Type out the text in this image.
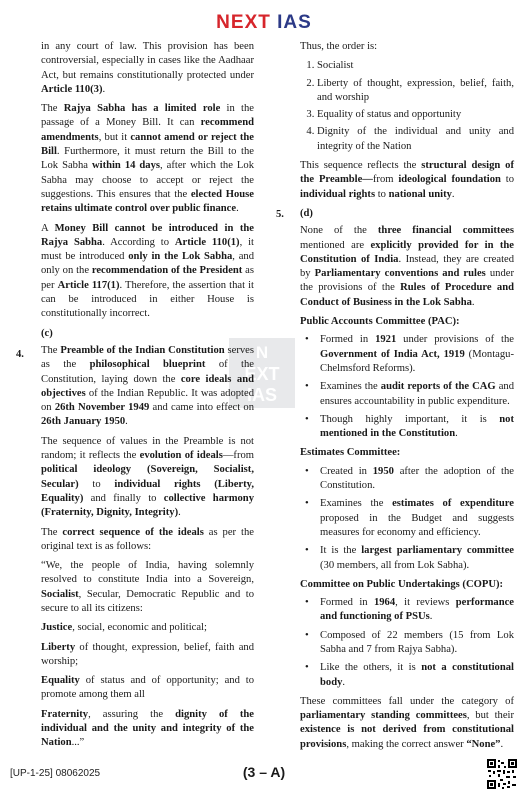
NEXT IAS
N
EXT
IAS

in any court of law. This provision has been controversial, especially in cases like the Aadhaar Act, but remains constitutionally protected under Article 110(3).

The Rajya Sabha has a limited role in the passage of a Money Bill. It can recommend amendments, but it cannot amend or reject the Bill. Furthermore, it must return the Bill to the Lok Sabha within 14 days, after which the Lok Sabha may choose to accept or reject the suggestions. This ensures that the elected House retains ultimate control over public finance.

A Money Bill cannot be introduced in the Rajya Sabha. According to Article 110(1), it must be introduced only in the Lok Sabha, and only on the recommendation of the President as per Article 117(1). Therefore, the assertion that it can be introduced in either House is constitutionally incorrect.

(c)

The Preamble of the Indian Constitution serves as the philosophical blueprint of the Constitution, laying down the core ideals and objectives of the Indian Republic. It was adopted on 26th November 1949 and came into effect on 26th January 1950.

The sequence of values in the Preamble is not random; it reflects the evolution of ideals—from political ideology (Sovereign, Socialist, Secular) to individual rights (Liberty, Equality) and finally to collective harmony (Fraternity, Dignity, Integrity).

The correct sequence of the ideals as per the original text is as follows:

“We, the people of India, having solemnly resolved to constitute India into a Sovereign, Socialist, Secular, Democratic Republic and to secure to all its citizens:

Justice, social, economic and political;

Liberty of thought, expression, belief, faith and worship;

Equality of status and of opportunity; and to promote among them all

Fraternity, assuring the dignity of the individual and the unity and integrity of the Nation...”

4.

Thus, the order is:

1. Socialist
2. Liberty of thought, expression, belief, faith, and worship
3. Equality of status and opportunity
4. Dignity of the individual and unity and integrity of the Nation

This sequence reflects the structural design of the Preamble—from ideological foundation to individual rights to national unity.

(d)

None of the three financial committees mentioned are explicitly provided for in the Constitution of India. Instead, they are created by Parliamentary conventions and rules under the provisions of the Rules of Procedure and Conduct of Business in the Lok Sabha.

Public Accounts Committee (PAC):
• Formed in 1921 under provisions of the Government of India Act, 1919 (Montagu-Chelmsford Reforms).
• Examines the audit reports of the CAG and ensures accountability in public expenditure.
• Though highly important, it is not mentioned in the Constitution.
Estimates Committee:
• Created in 1950 after the adoption of the Constitution.
• Examines the estimates of expenditure proposed in the Budget and suggests measures for economy and efficiency.
• It is the largest parliamentary committee (30 members, all from Lok Sabha).
Committee on Public Undertakings (COPU):
• Formed in 1964, it reviews performance and functioning of PSUs.
• Composed of 22 members (15 from Lok Sabha and 7 from Rajya Sabha).
• Like the others, it is not a constitutional body.

These committees fall under the category of parliamentary standing committees, but their existence is not derived from constitutional provisions, making the correct answer “None”.

5.
[UP-1-25] 08062025	(3 – A)
